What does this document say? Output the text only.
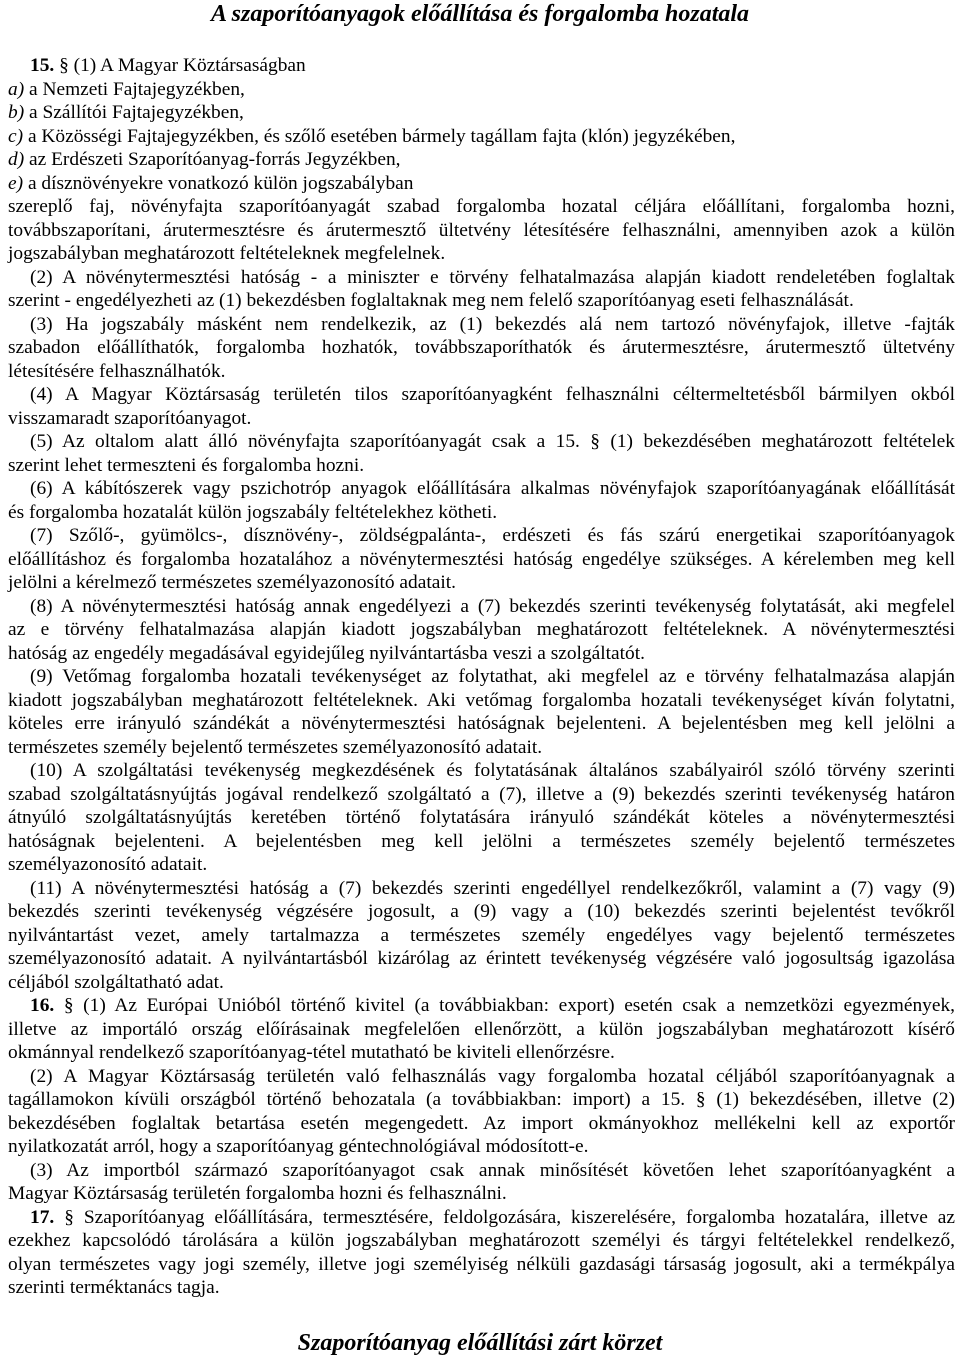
A szaporítóanyagok előállítása és forgalomba hozatala
15. § (1) A Magyar Köztársaságban
a) a Nemzeti Fajtajegyzékben,
b) a Szállítói Fajtajegyzékben,
c) a Közösségi Fajtajegyzékben, és szőlő esetében bármely tagállam fajta (klón) jegyzékében,
d) az Erdészeti Szaporítóanyag-forrás Jegyzékben,
e) a dísznövényekre vonatkozó külön jogszabályban
szereplő faj, növényfajta szaporítóanyagát szabad forgalomba hozatal céljára előállítani, forgalomba hozni,
továbbszaporítani, árutermesztésre és árutermesztő ültetvény létesítésére felhasználni, amennyiben azok a külön
jogszabályban meghatározott feltételeknek megfelelnek.
(2) A növénytermesztési hatóság - a miniszter e törvény felhatalmazása alapján kiadott rendeletében foglaltak
szerint - engedélyezheti az (1) bekezdésben foglaltaknak meg nem felelő szaporítóanyag eseti felhasználását.
(3) Ha jogszabály másként nem rendelkezik, az (1) bekezdés alá nem tartozó növényfajok, illetve -fajták
szabadon előállíthatók, forgalomba hozhatók, továbbszaporíthatók és árutermesztésre, árutermesztő ültetvény
létesítésére felhasználhatók.
(4) A Magyar Köztársaság területén tilos szaporítóanyagként felhasználni céltermeltetésből bármilyen okból
visszamaradt szaporítóanyagot.
(5) Az oltalom alatt álló növényfajta szaporítóanyagát csak a 15. § (1) bekezdésében meghatározott feltételek
szerint lehet termeszteni és forgalomba hozni.
(6) A kábítószerek vagy pszichotróp anyagok előállítására alkalmas növényfajok szaporítóanyagának előállítását
és forgalomba hozatalát külön jogszabály feltételekhez kötheti.
(7) Szőlő-, gyümölcs-, dísznövény-, zöldségpalánta-, erdészeti és fás szárú energetikai szaporítóanyagok
előállításhoz és forgalomba hozatalához a növénytermesztési hatóság engedélye szükséges. A kérelemben meg kell
jelölni a kérelmező természetes személyazonosító adatait.
(8) A növénytermesztési hatóság annak engedélyezi a (7) bekezdés szerinti tevékenység folytatását, aki megfelel
az e törvény felhatalmazása alapján kiadott jogszabályban meghatározott feltételeknek. A növénytermesztési
hatóság az engedély megadásával egyidejűleg nyilvántartásba veszi a szolgáltatót.
(9) Vetőmag forgalomba hozatali tevékenységet az folytathat, aki megfelel az e törvény felhatalmazása alapján
kiadott jogszabályban meghatározott feltételeknek. Aki vetőmag forgalomba hozatali tevékenységet kíván folytatni,
köteles erre irányuló szándékát a növénytermesztési hatóságnak bejelenteni. A bejelentésben meg kell jelölni a
természetes személy bejelentő természetes személyazonosító adatait.
(10) A szolgáltatási tevékenység megkezdésének és folytatásának általános szabályairól szóló törvény szerinti
szabad szolgáltatásnyújtás jogával rendelkező szolgáltató a (7), illetve a (9) bekezdés szerinti tevékenység határon
átnyúló szolgáltatásnyújtás keretében történő folytatására irányuló szándékát köteles a növénytermesztési
hatóságnak bejelenteni. A bejelentésben meg kell jelölni a természetes személy bejelentő természetes
személyazonosító adatait.
(11) A növénytermesztési hatóság a (7) bekezdés szerinti engedéllyel rendelkezőkről, valamint a (7) vagy (9)
bekezdés szerinti tevékenység végzésére jogosult, a (9) vagy a (10) bekezdés szerinti bejelentést tevőkről
nyilvántartást vezet, amely tartalmazza a természetes személy engedélyes vagy bejelentő természetes
személyazonosító adatait. A nyilvántartásból kizárólag az érintett tevékenység végzésére való jogosultság igazolása
céljából szolgáltatható adat.
16. § (1) Az Európai Unióból történő kivitel (a továbbiakban: export) esetén csak a nemzetközi egyezmények,
illetve az importáló ország előírásainak megfelelően ellenőrzött, a külön jogszabályban meghatározott kísérő
okmánnyal rendelkező szaporítóanyag-tétel mutatható be kiviteli ellenőrzésre.
(2) A Magyar Köztársaság területén való felhasználás vagy forgalomba hozatal céljából szaporítóanyagnak a
tagállamokon kívüli országból történő behozatala (a továbbiakban: import) a 15. § (1) bekezdésében, illetve (2)
bekezdésében foglaltak betartása esetén megengedett. Az import okmányokhoz mellékelni kell az exportőr
nyilatkozatát arról, hogy a szaporítóanyag géntechnológiával módosított-e.
(3) Az importból származó szaporítóanyagot csak annak minősítését követően lehet szaporítóanyagként a
Magyar Köztársaság területén forgalomba hozni és felhasználni.
17. § Szaporítóanyag előállítására, termesztésére, feldolgozására, kiszerelésére, forgalomba hozatalára, illetve az
ezekhez kapcsolódó tárolására a külön jogszabályban meghatározott személyi és tárgyi feltételekkel rendelkező,
olyan természetes vagy jogi személy, illetve jogi személyiség nélküli gazdasági társaság jogosult, aki a termékpálya
szerinti terméktanács tagja.
Szaporítóanyag előállítási zárt körzet
